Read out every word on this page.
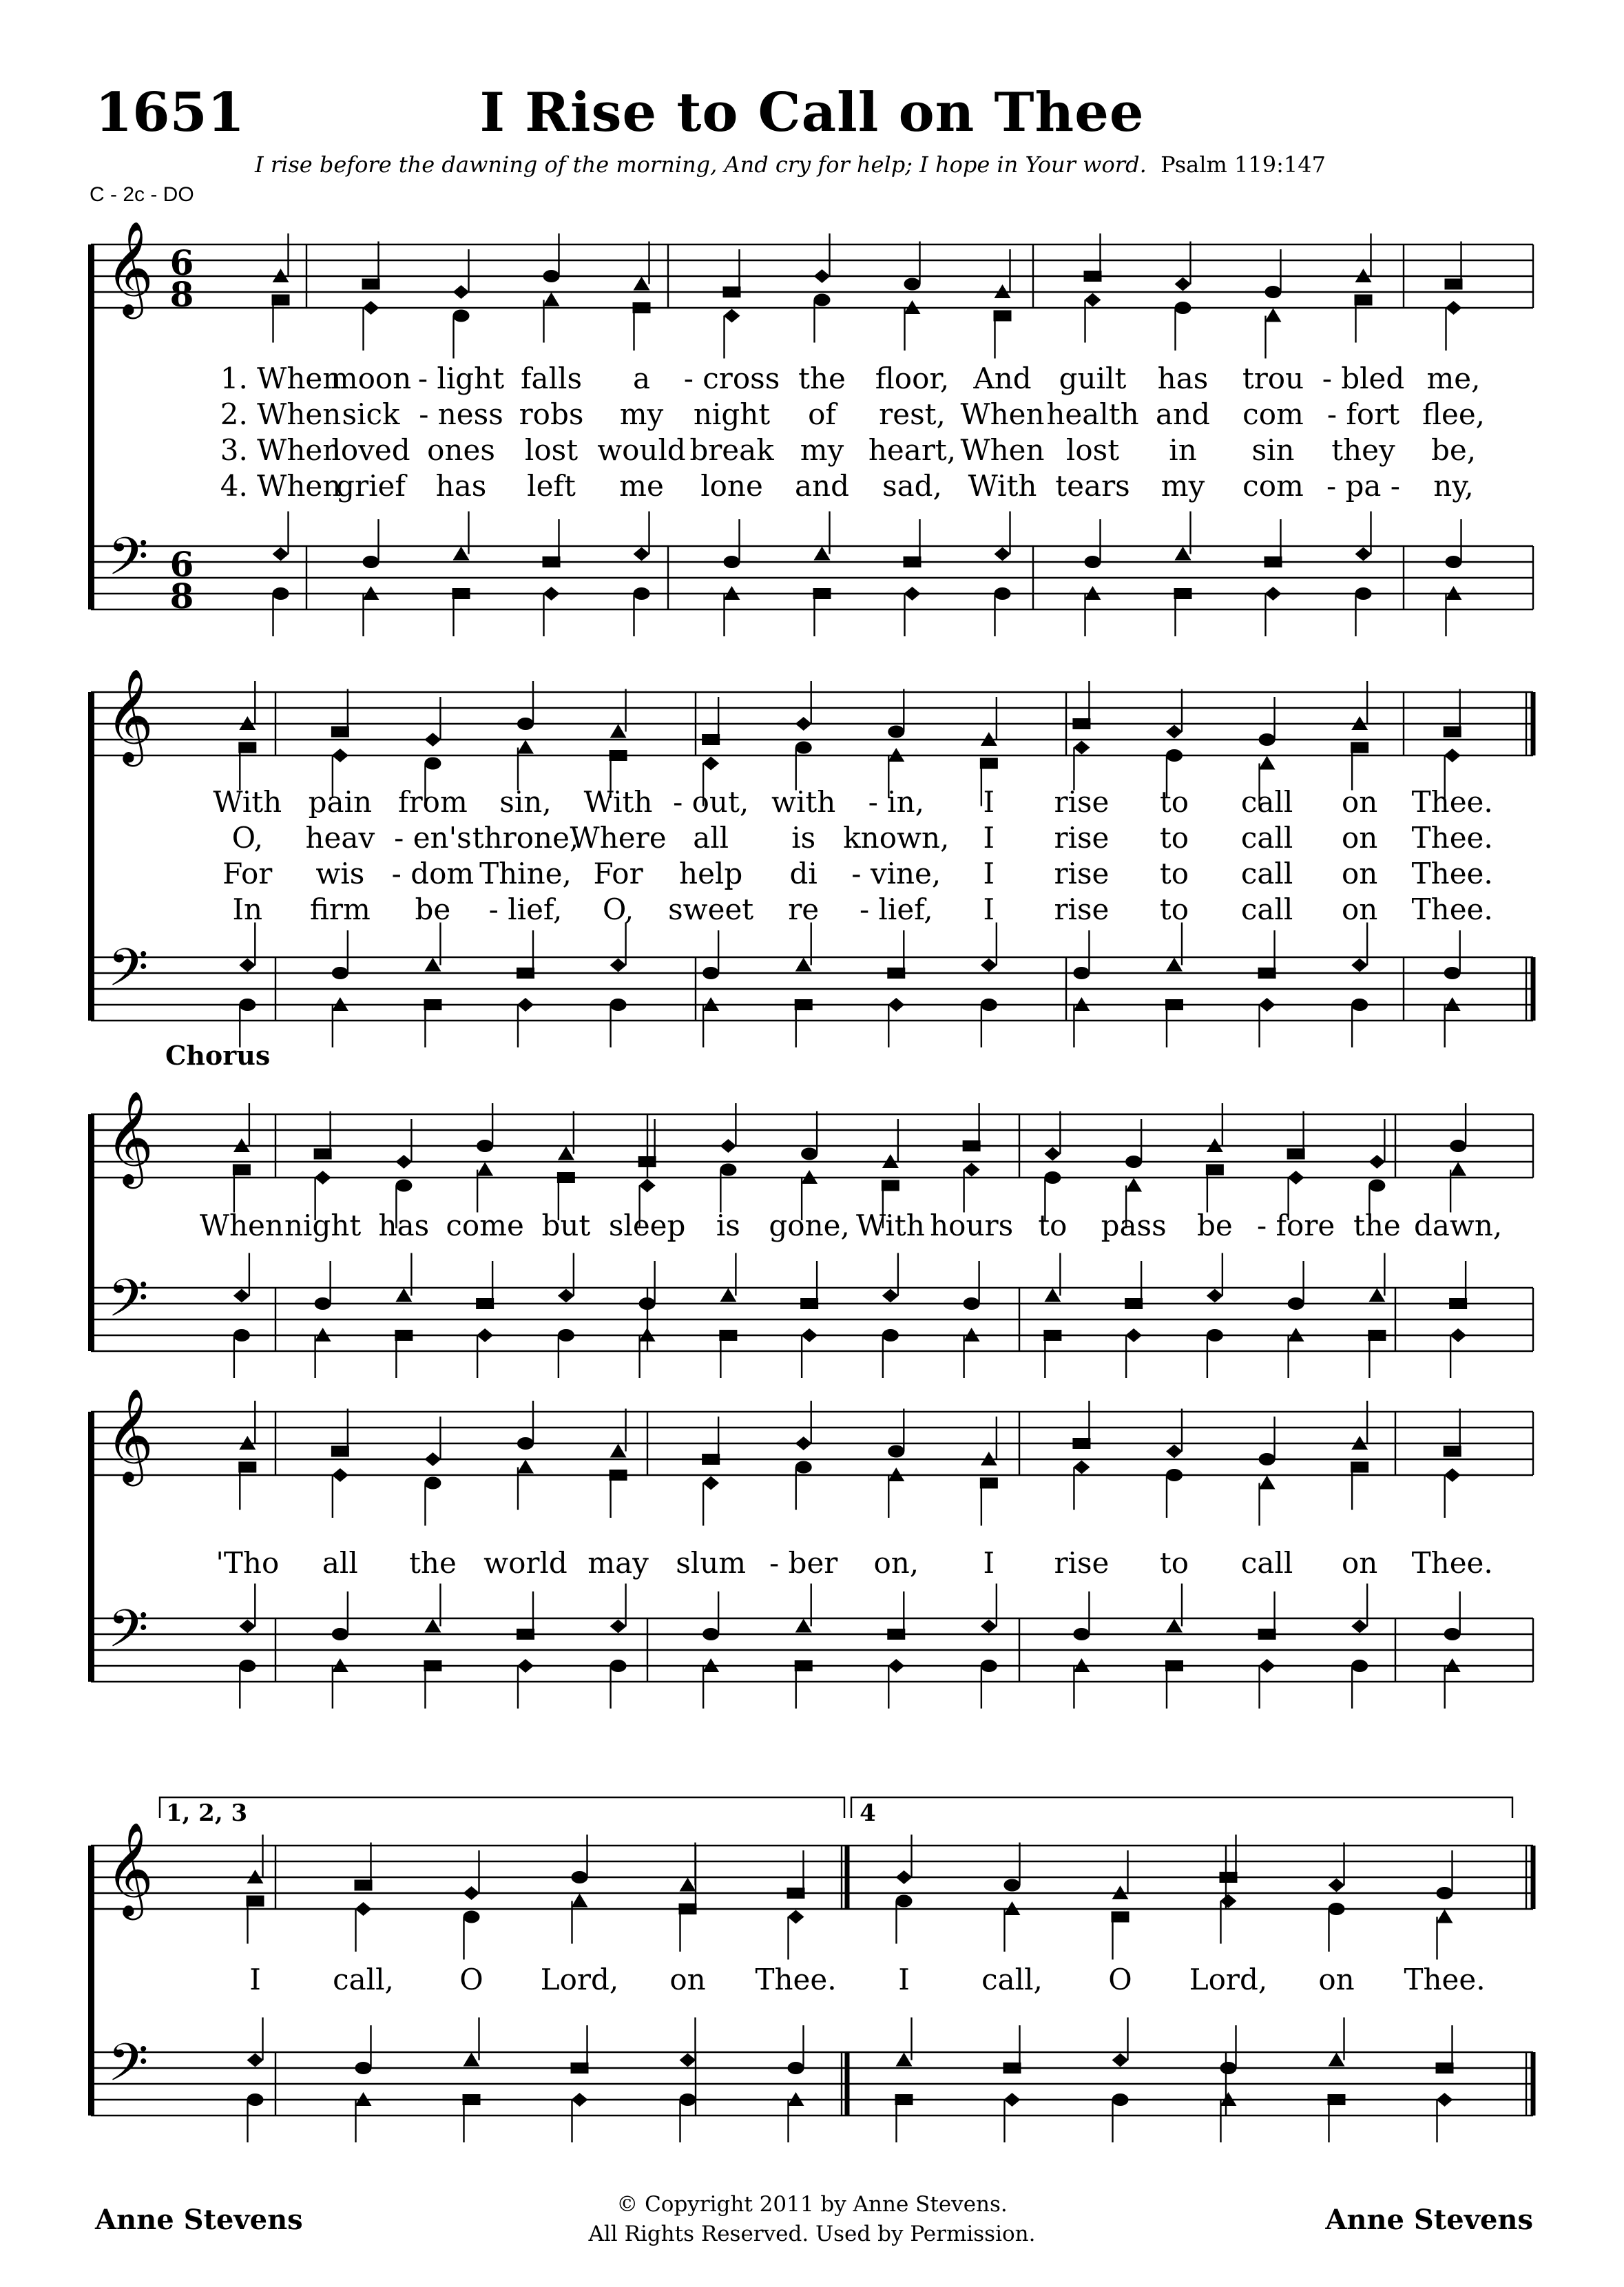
1651	I Rise to Call on Thee
I rise before the dawning of the morning, And cry for help; I hope in Your word. Psalm 119:147
C - 2c - DO
Chorus
𝄞
𝄢
6
8
6
8
𝄞
𝄢
𝄞
𝄢
𝄞
𝄢
𝄞
𝄢
1, 2, 3	4
1. When
moon - light falls a - cross the floor, And guilt has trou - bled me,
2. When sick - ness robs my night of rest, When health and com - fort flee,
3. When
loved ones lost would break my heart, When lost in sin they be,
4. When
grief has left me lone and sad, With tears my com - pa - ny,
With pain from sin, With - out, with - in, I rise to call on Thee.
O, heav - en's throne,
Where all is known, I rise to call on Thee.
For wis - dom Thine, For help di - vine, I rise to call on Thee.
In firm be - lief, O, sweet re - lief, I rise to call on Thee.
When night has come but sleep is gone, With hours to pass be - fore the dawn,
'Tho all the world may slum - ber on, I rise to call on Thee.
I call, O Lord, on Thee. I call, O Lord, on Thee.
Anne Stevens	Anne Stevens
© Copyright 2011 by Anne Stevens.
All Rights Reserved. Used by Permission.
